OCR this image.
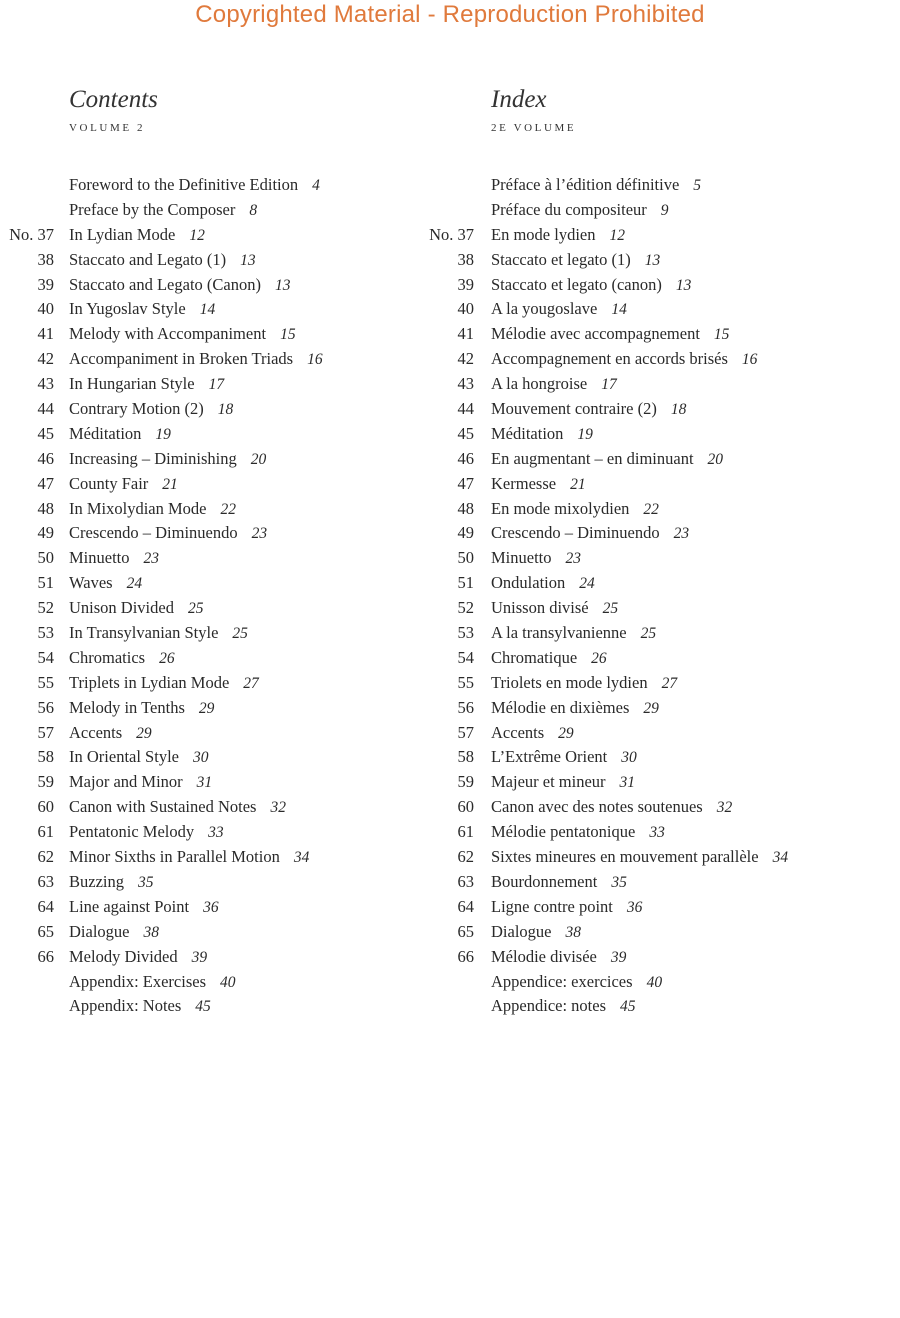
Copyrighted Material - Reproduction Prohibited
Contents
VOLUME 2
Foreword to the Definitive Edition 4
Preface by the Composer 8
No. 37 In Lydian Mode 12
38 Staccato and Legato (1) 13
39 Staccato and Legato (Canon) 13
40 In Yugoslav Style 14
41 Melody with Accompaniment 15
42 Accompaniment in Broken Triads 16
43 In Hungarian Style 17
44 Contrary Motion (2) 18
45 Méditation 19
46 Increasing – Diminishing 20
47 County Fair 21
48 In Mixolydian Mode 22
49 Crescendo – Diminuendo 23
50 Minuetto 23
51 Waves 24
52 Unison Divided 25
53 In Transylvanian Style 25
54 Chromatics 26
55 Triplets in Lydian Mode 27
56 Melody in Tenths 29
57 Accents 29
58 In Oriental Style 30
59 Major and Minor 31
60 Canon with Sustained Notes 32
61 Pentatonic Melody 33
62 Minor Sixths in Parallel Motion 34
63 Buzzing 35
64 Line against Point 36
65 Dialogue 38
66 Melody Divided 39
Appendix: Exercises 40
Appendix: Notes 45
Index
2E VOLUME
Préface à l’édition définitive 5
Préface du compositeur 9
No. 37 En mode lydien 12
38 Staccato et legato (1) 13
39 Staccato et legato (canon) 13
40 A la yougoslave 14
41 Mélodie avec accompagnement 15
42 Accompagnement en accords brisés 16
43 A la hongroise 17
44 Mouvement contraire (2) 18
45 Méditation 19
46 En augmentant – en diminuant 20
47 Kermesse 21
48 En mode mixolydien 22
49 Crescendo – Diminuendo 23
50 Minuetto 23
51 Ondulation 24
52 Unisson divisé 25
53 A la transylvanienne 25
54 Chromatique 26
55 Triolets en mode lydien 27
56 Mélodie en dixièmes 29
57 Accents 29
58 L’Extrême Orient 30
59 Majeur et mineur 31
60 Canon avec des notes soutenues 32
61 Mélodie pentatonique 33
62 Sixtes mineures en mouvement parallèle 34
63 Bourdonnement 35
64 Ligne contre point 36
65 Dialogue 38
66 Mélodie divisée 39
Appendice: exercices 40
Appendice: notes 45
